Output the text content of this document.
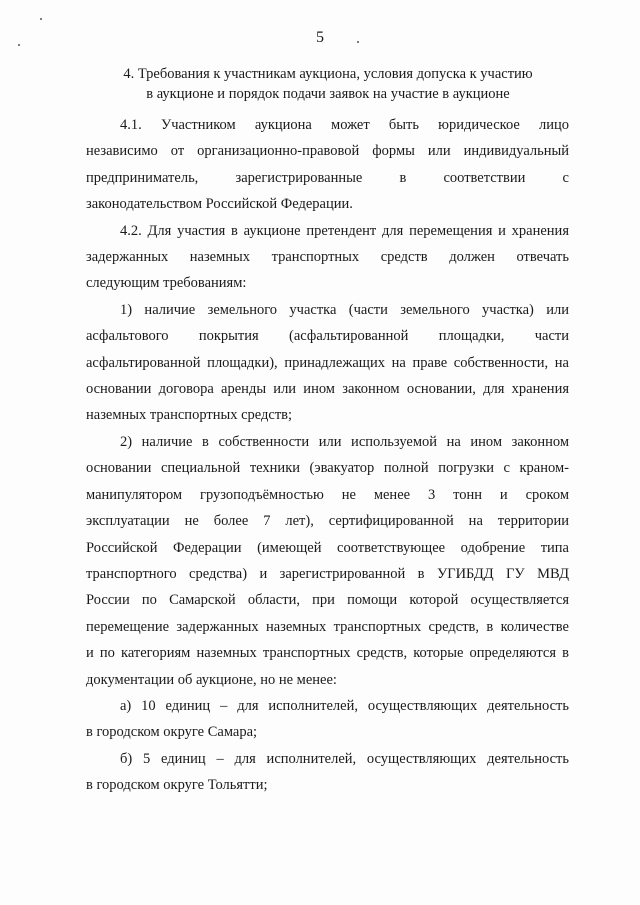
5
4. Требования к участникам аукциона, условия допуска к участию
в аукционе и порядок подачи заявок на участие в аукционе
4.1. Участником аукциона может быть юридическое лицо
независимо от организационно-правовой формы или индивидуальный
предприниматель, зарегистрированные в соответствии с
законодательством Российской Федерации.
4.2. Для участия в аукционе претендент для перемещения и хранения
задержанных наземных транспортных средств должен отвечать
следующим требованиям:
1) наличие земельного участка (части земельного участка) или
асфальтового покрытия (асфальтированной площадки, части
асфальтированной площадки), принадлежащих на праве собственности, на
основании договора аренды или ином законном основании, для хранения
наземных транспортных средств;
2) наличие в собственности или используемой на ином законном
основании специальной техники (эвакуатор полной погрузки с краном-
манипулятором грузоподъёмностью не менее 3 тонн и сроком
эксплуатации не более 7 лет), сертифицированной на территории
Российской Федерации (имеющей соответствующее одобрение типа
транспортного средства) и зарегистрированной в УГИБДД ГУ МВД
России по Самарской области, при помощи которой осуществляется
перемещение задержанных наземных транспортных средств, в количестве
и по категориям наземных транспортных средств, которые определяются в
документации об аукционе, но не менее:
а) 10 единиц – для исполнителей, осуществляющих деятельность
в городском округе Самара;
б) 5 единиц – для исполнителей, осуществляющих деятельность
в городском округе Тольятти;
